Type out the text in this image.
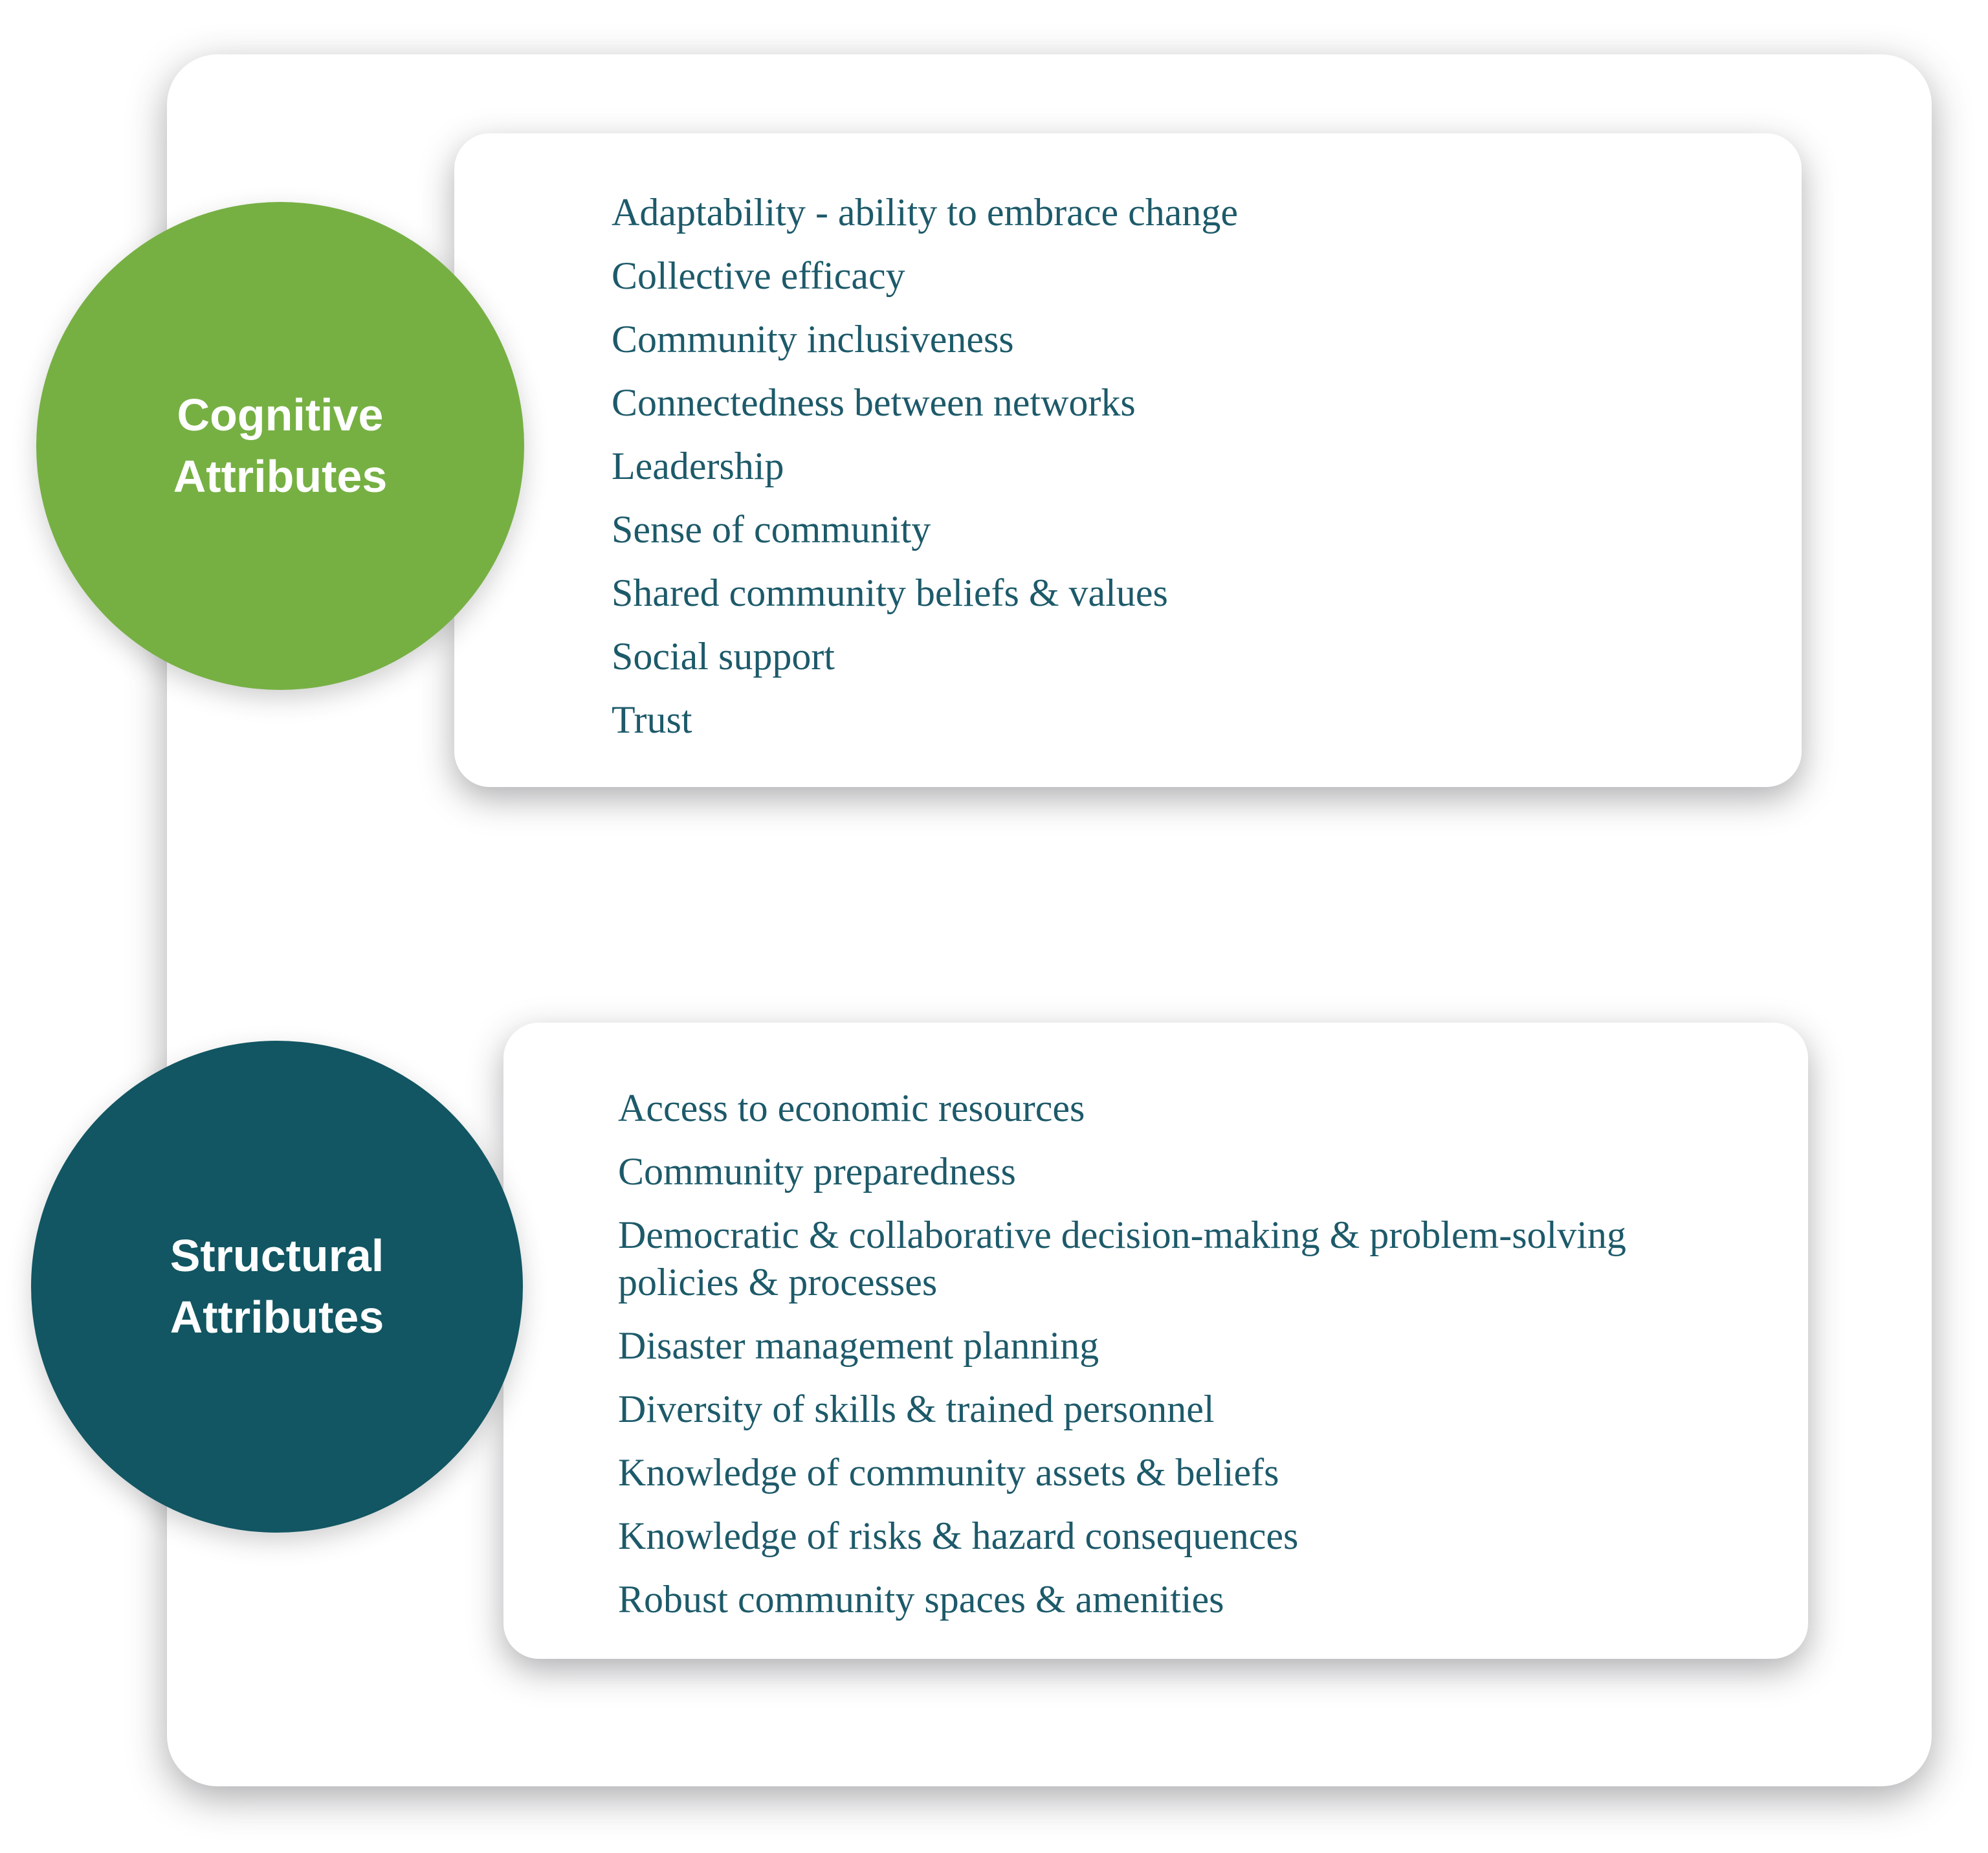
Adaptability - ability to embrace change
Collective efficacy
Community inclusiveness
Connectedness between networks
Leadership
Sense of community
Shared community beliefs & values
Social support
Trust
Access to economic resources
Community preparedness
Democratic & collaborative decision-making & problem-solving policies & processes
Disaster management planning
Diversity of skills & trained personnel
Knowledge of community assets & beliefs
Knowledge of risks & hazard consequences
Robust community spaces & amenities
Cognitive Attributes
Structural Attributes
